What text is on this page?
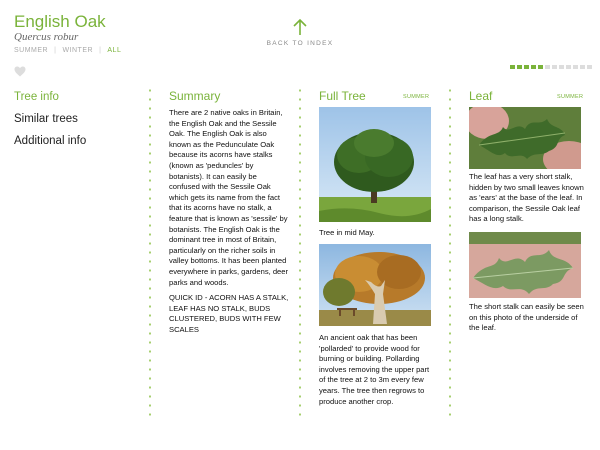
English Oak
Quercus robur
SUMMER | WINTER | ALL
BACK TO INDEX
Tree info
Similar trees
Additional info
Summary

There are 2 native oaks in Britain, the English Oak and the Sessile Oak. The English Oak is also known as the Pedunculate Oak because its acorns have stalks (known as 'peduncles' by botanists). It can easily be confused with the Sessile Oak which gets its name from the fact that its acorns have no stalk, a feature that is known as 'sessile' by botanists. The English Oak is the dominant tree in most of Britain, particularly on the richer soils in valley bottoms. It has been planted everywhere in parks, gardens, deer parks and woods.

QUICK ID - ACORN HAS A STALK, LEAF HAS NO STALK, BUDS CLUSTERED, BUDS WITH FEW SCALES

Full Tree	SUMMER

Tree in mid May.

An ancient oak that has been 'pollarded' to provide wood for burning or building. Pollarding involves removing the upper part of the tree at 2 to 3m every few years. The tree then regrows to produce another crop.

Leaf	SUMMER

The leaf has a very short stalk, hidden by two small leaves known as 'ears' at the base of the leaf. In comparison, the Sessile Oak leaf has a long stalk.

The short stalk can easily be seen on this photo of the underside of the leaf.
